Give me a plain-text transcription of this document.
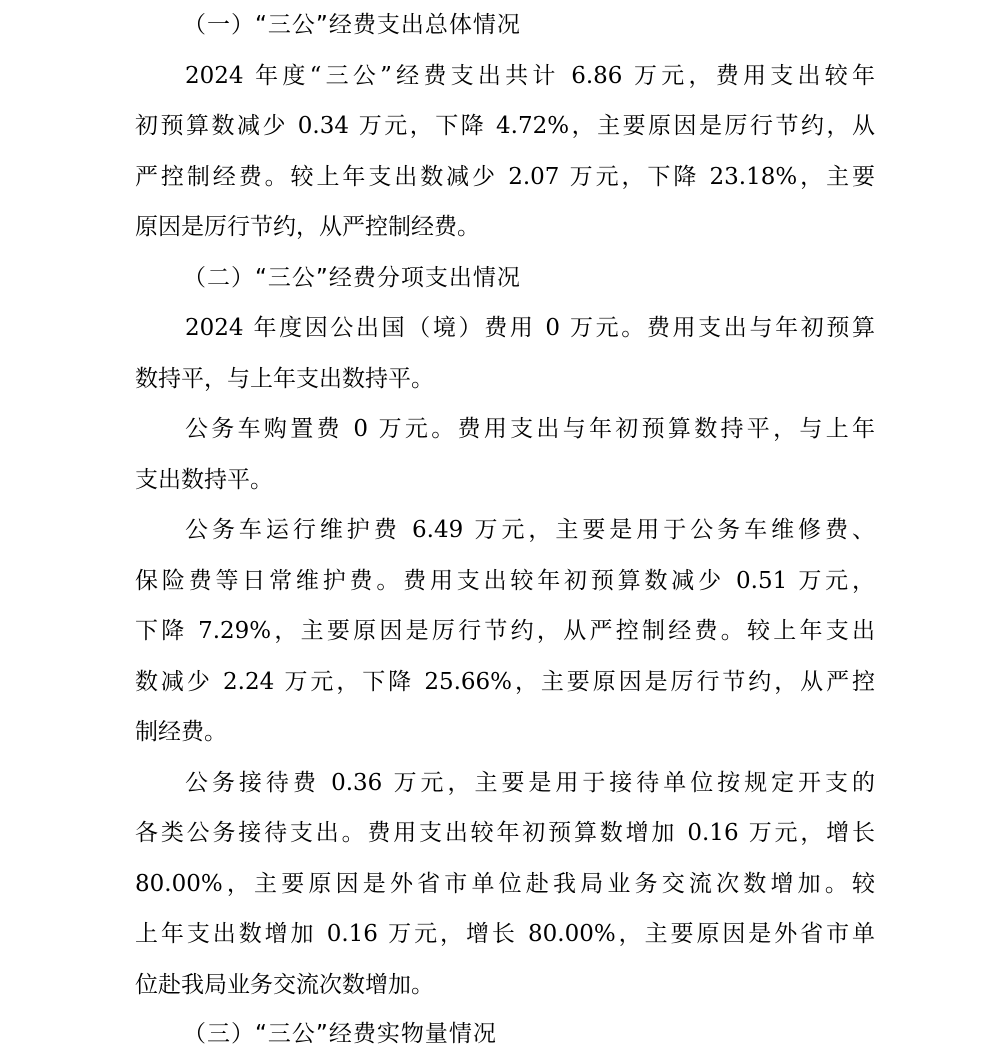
（一）“三公”经费支出总体情况
2024 年度“三公”经费支出共计 6.86 万元，费用支出较年
初预算数减少 0.34 万元，下降 4.72%，主要原因是厉行节约，从
严控制经费。较上年支出数减少 2.07 万元，下降 23.18%，主要
原因是厉行节约，从严控制经费。
（二）“三公”经费分项支出情况
2024 年度因公出国（境）费用 0 万元。费用支出与年初预算
数持平，与上年支出数持平。
公务车购置费 0 万元。费用支出与年初预算数持平，与上年
支出数持平。
公务车运行维护费 6.49 万元，主要是用于公务车维修费、
保险费等日常维护费。费用支出较年初预算数减少 0.51 万元，
下降 7.29%，主要原因是厉行节约，从严控制经费。较上年支出
数减少 2.24 万元，下降 25.66%，主要原因是厉行节约，从严控
制经费。
公务接待费 0.36 万元，主要是用于接待单位按规定开支的
各类公务接待支出。费用支出较年初预算数增加 0.16 万元，增长
80.00%，主要原因是外省市单位赴我局业务交流次数增加。较
上年支出数增加 0.16 万元，增长 80.00%，主要原因是外省市单
位赴我局业务交流次数增加。
（三）“三公”经费实物量情况
